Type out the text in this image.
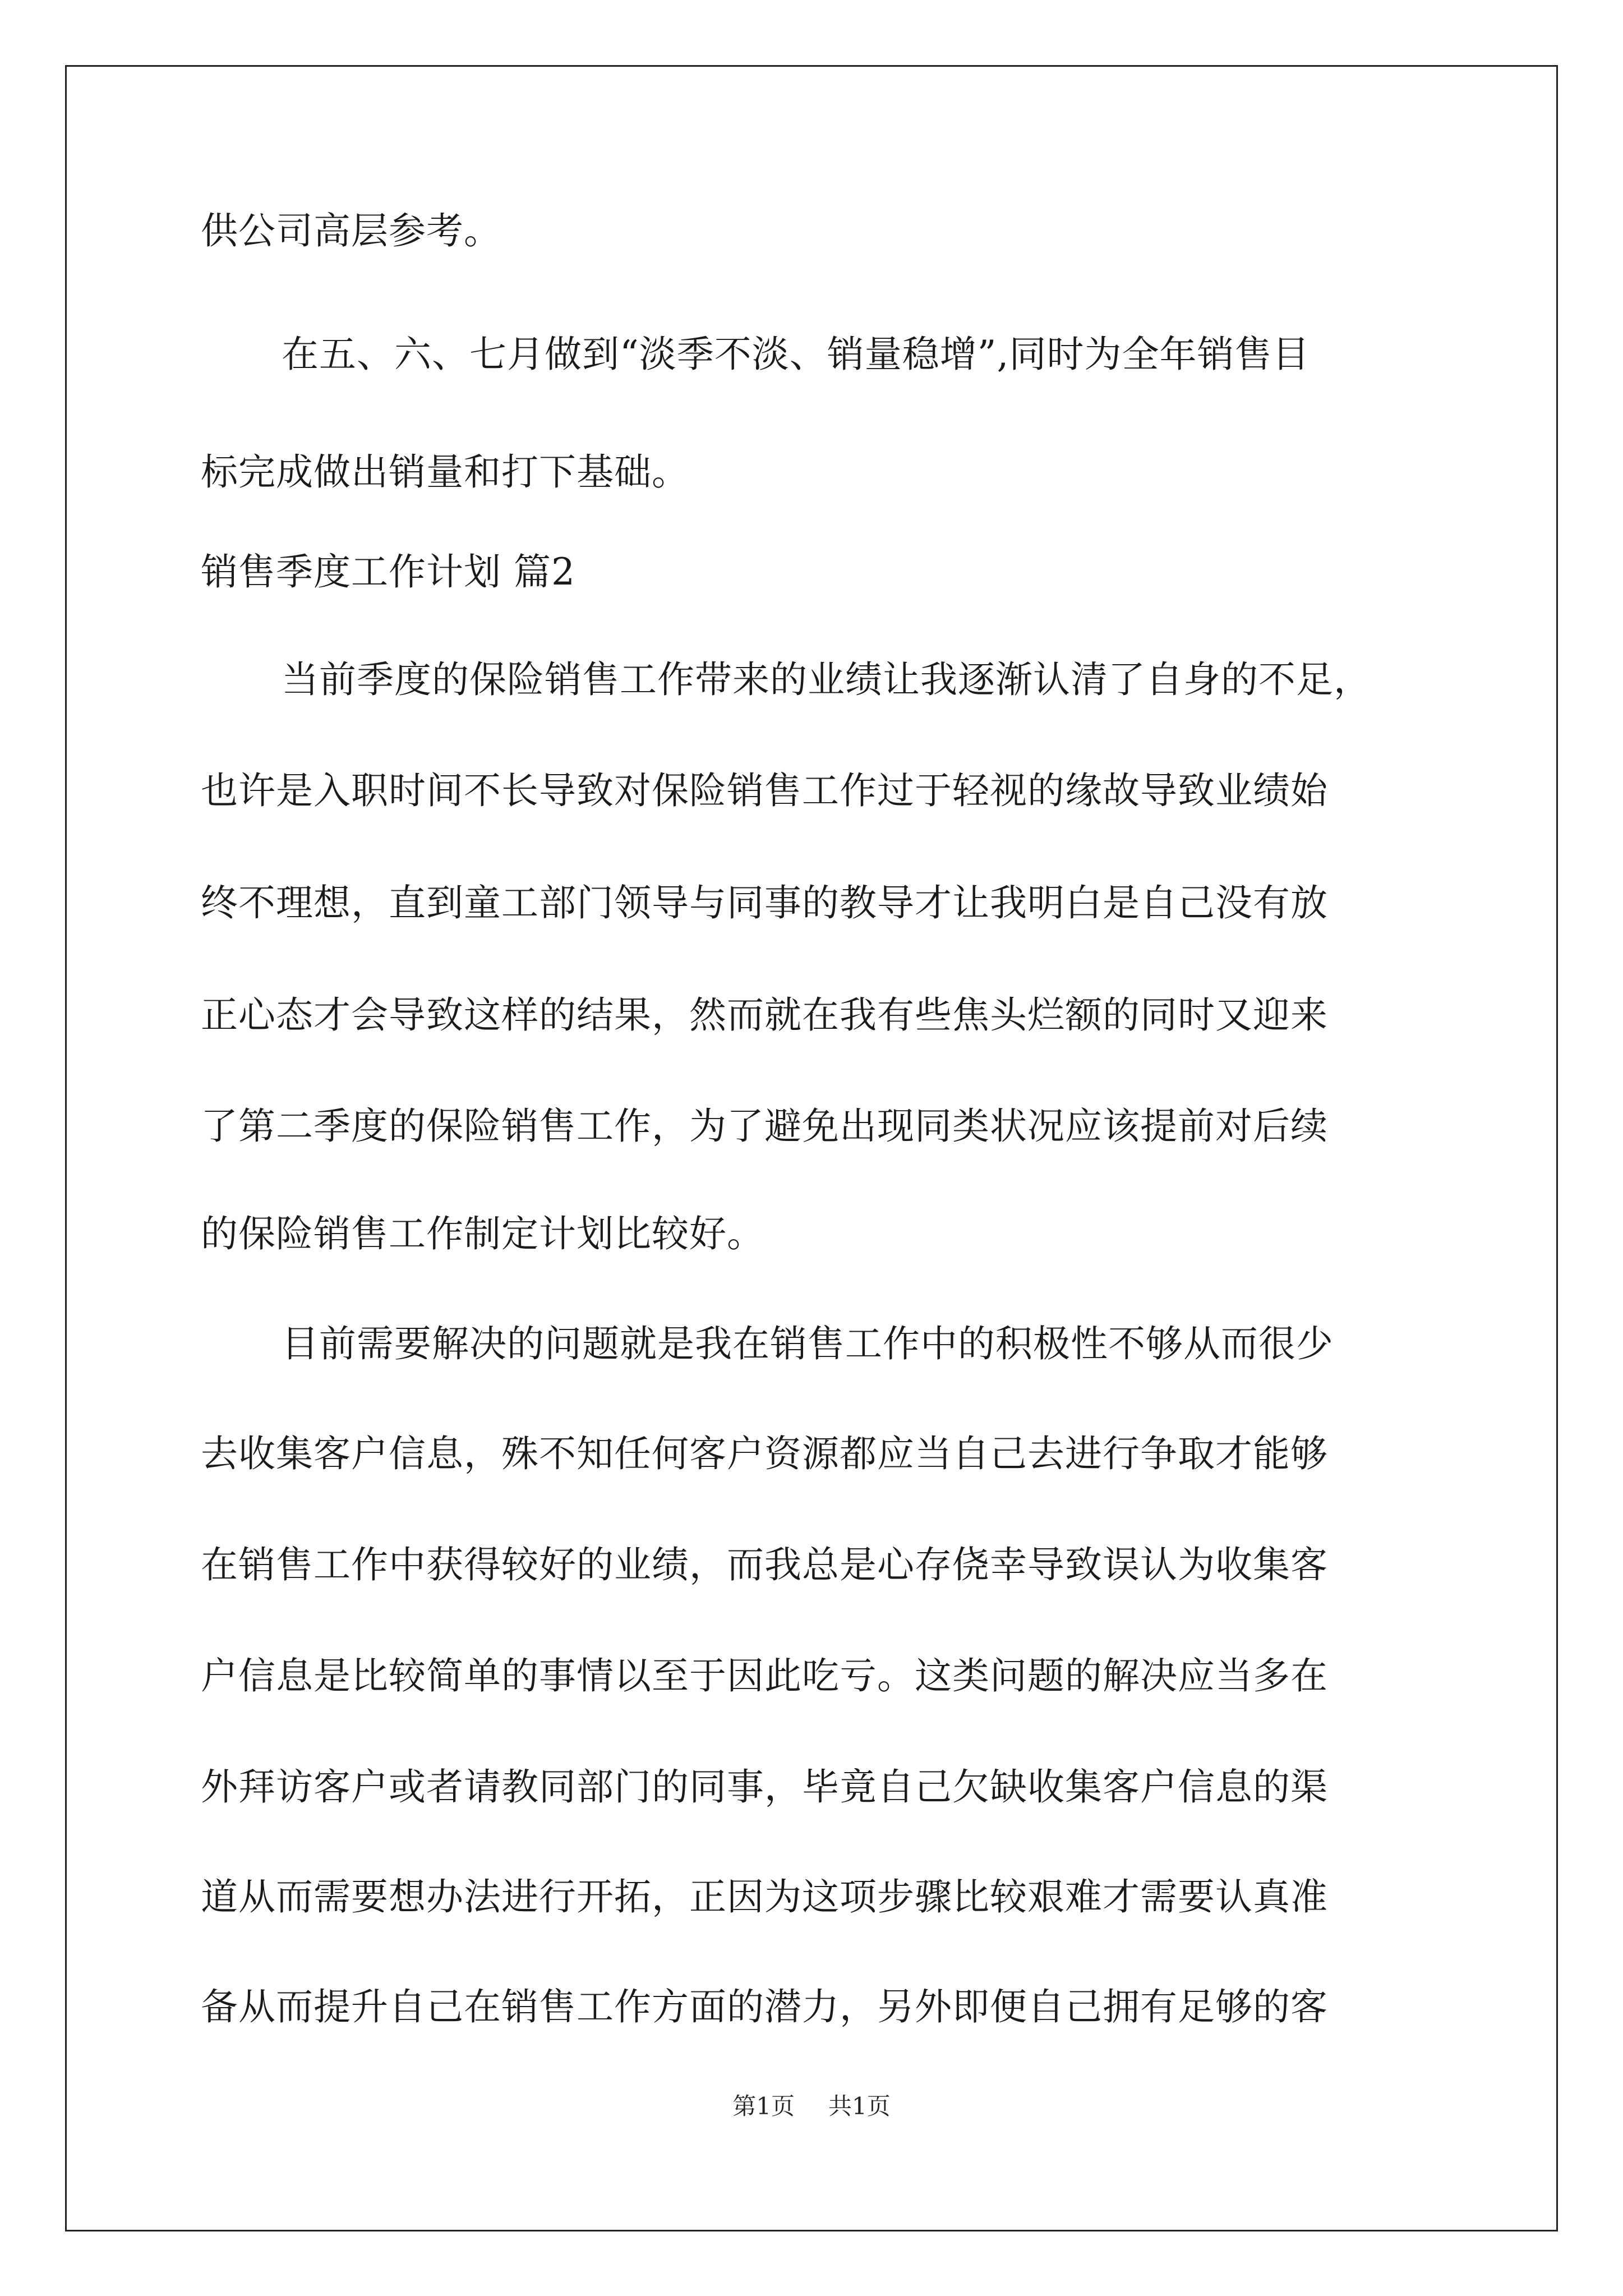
供公司高层参考。
在五、六、七月做到“淡季不淡、销量稳增”,同时为全年销售目
标完成做出销量和打下基础。
销售季度工作计划 篇2
当前季度的保险销售工作带来的业绩让我逐渐认清了自身的不足，
也许是入职时间不长导致对保险销售工作过于轻视的缘故导致业绩始
终不理想，直到童工部门领导与同事的教导才让我明白是自己没有放
正心态才会导致这样的结果，然而就在我有些焦头烂额的同时又迎来
了第二季度的保险销售工作，为了避免出现同类状况应该提前对后续
的保险销售工作制定计划比较好。
目前需要解决的问题就是我在销售工作中的积极性不够从而很少
去收集客户信息，殊不知任何客户资源都应当自己去进行争取才能够
在销售工作中获得较好的业绩，而我总是心存侥幸导致误认为收集客
户信息是比较简单的事情以至于因此吃亏。这类问题的解决应当多在
外拜访客户或者请教同部门的同事，毕竟自己欠缺收集客户信息的渠
道从而需要想办法进行开拓，正因为这项步骤比较艰难才需要认真准
备从而提升自己在销售工作方面的潜力，另外即便自己拥有足够的客
第1页 共1页
